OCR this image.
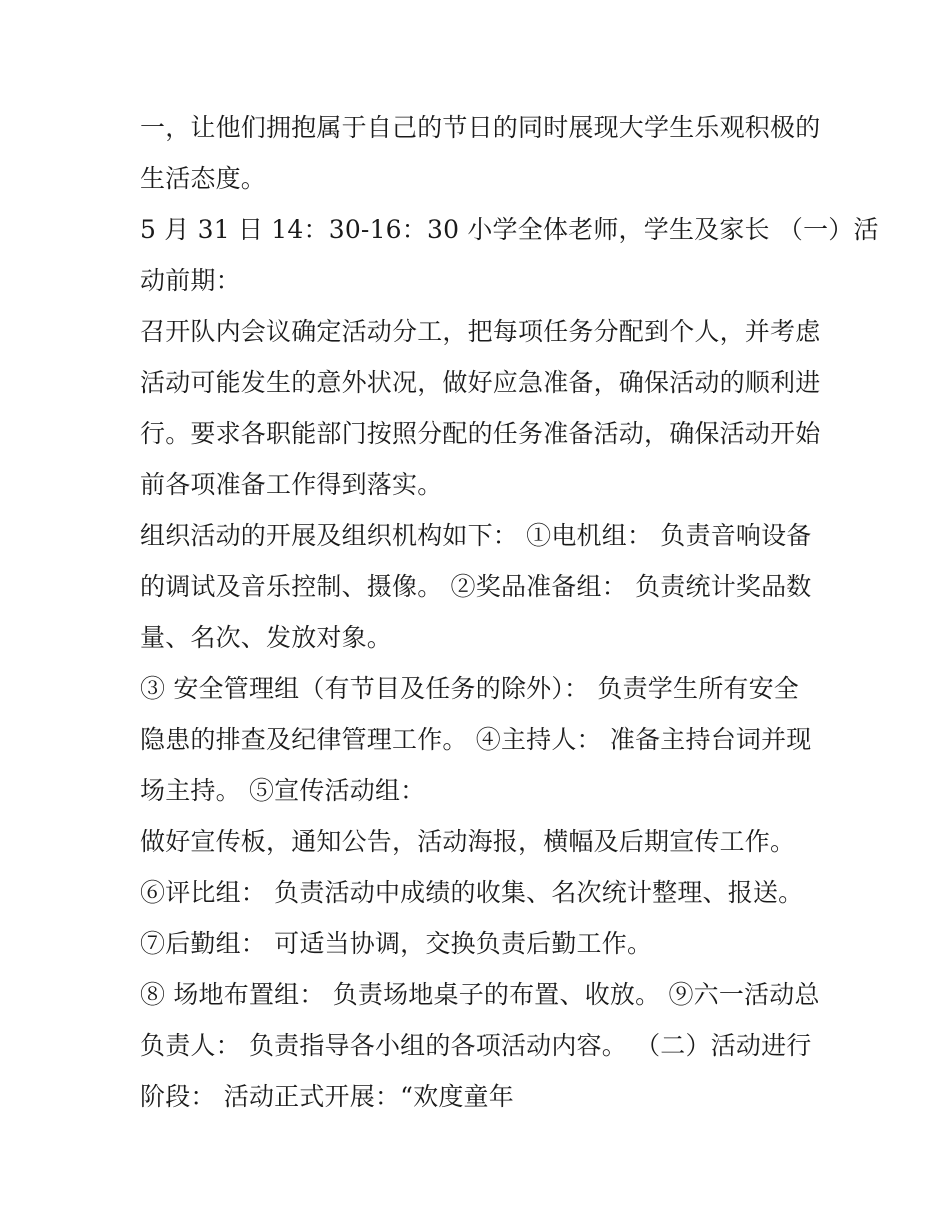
一，让他们拥抱属于自己的节日的同时展现大学生乐观积极的
生活态度。
5 月 31 日 14：30-16：30 小学全体老师，学生及家长 （一）活
动前期：
召开队内会议确定活动分工，把每项任务分配到个人，并考虑
活动可能发生的意外状况，做好应急准备，确保活动的顺利进
行。要求各职能部门按照分配的任务准备活动，确保活动开始
前各项准备工作得到落实。
组织活动的开展及组织机构如下： ①电机组： 负责音响设备
的调试及音乐控制、摄像。 ②奖品准备组： 负责统计奖品数
量、名次、发放对象。
③ 安全管理组（有节目及任务的除外）： 负责学生所有安全
隐患的排查及纪律管理工作。 ④主持人： 准备主持台词并现
场主持。 ⑤宣传活动组：
做好宣传板，通知公告，活动海报，横幅及后期宣传工作。
⑥评比组： 负责活动中成绩的收集、名次统计整理、报送。
⑦后勤组： 可适当协调，交换负责后勤工作。
⑧ 场地布置组： 负责场地桌子的布置、收放。 ⑨六一活动总
负责人： 负责指导各小组的各项活动内容。 （二）活动进行
阶段： 活动正式开展：“欢度童年
